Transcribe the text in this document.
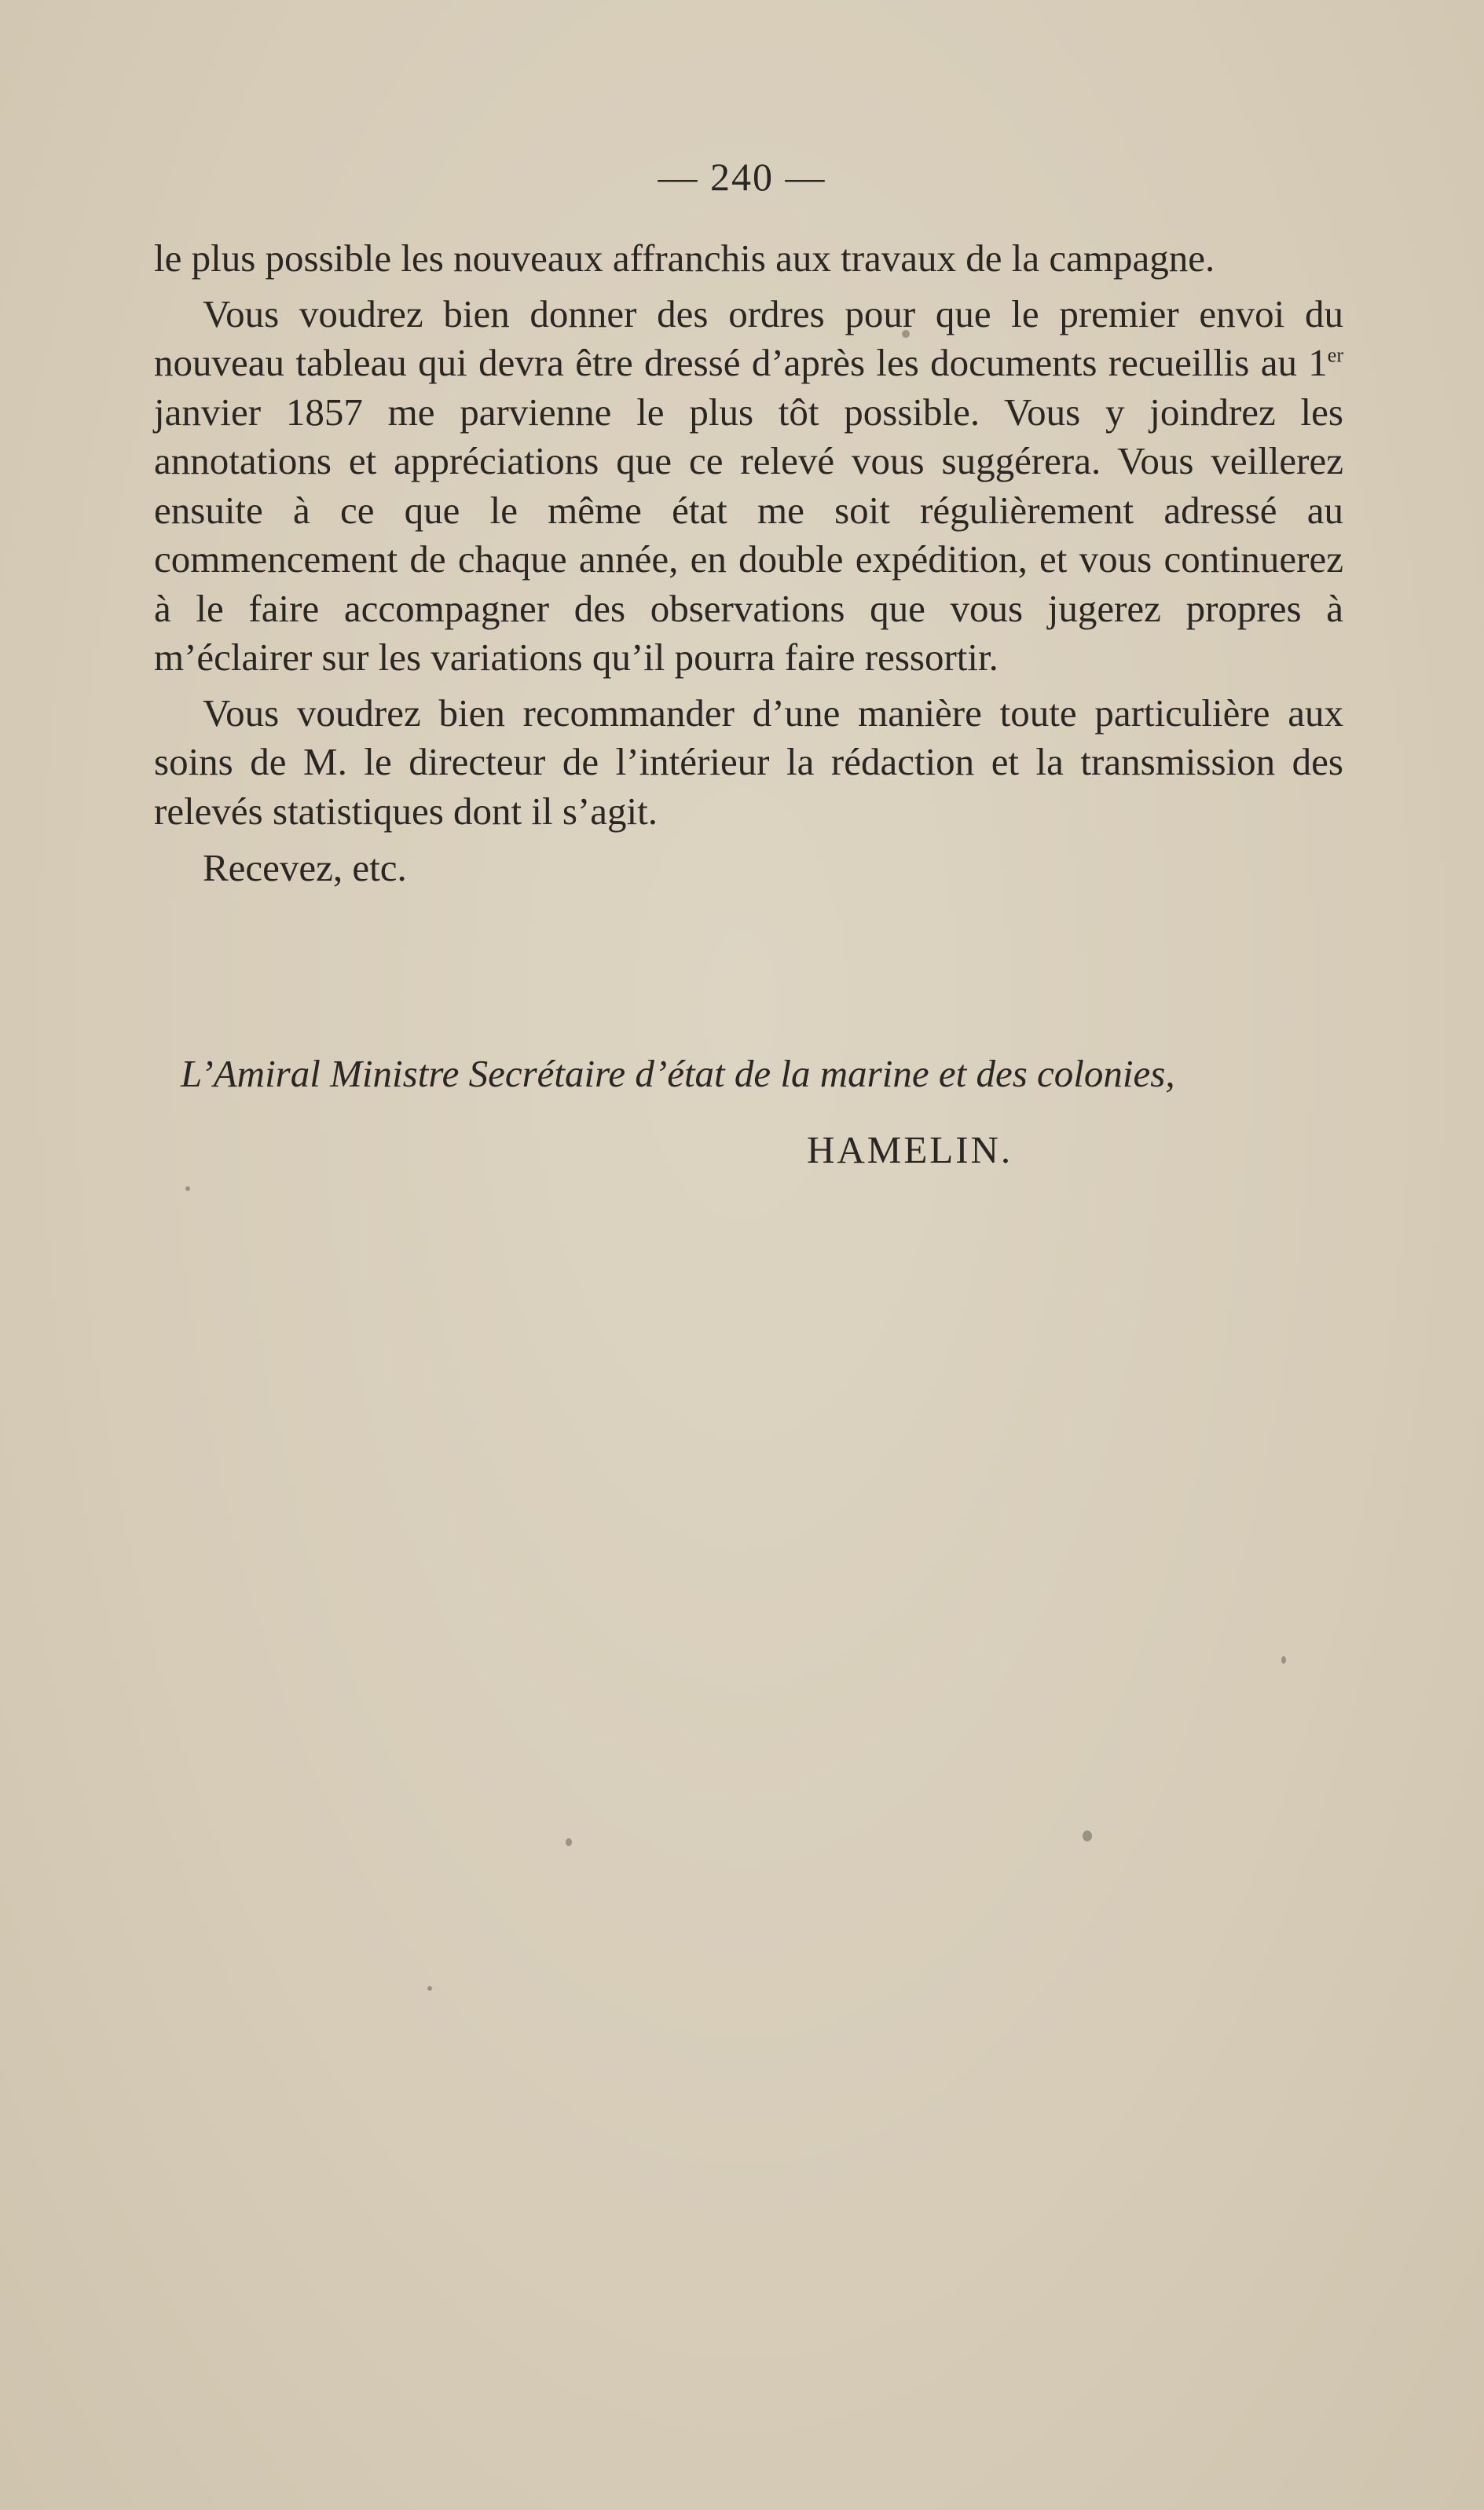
— 240 —

le plus possible les nouveaux affranchis aux travaux de la campagne.

Vous voudrez bien donner des ordres pour que le premier envoi du nouveau tableau qui devra être dressé d’après les documents recueillis au 1er janvier 1857 me parvienne le plus tôt possible. Vous y joindrez les annotations et appréciations que ce relevé vous suggérera. Vous veillerez ensuite à ce que le même état me soit régulièrement adressé au commencement de chaque année, en double expédition, et vous continuerez à le faire accompagner des observations que vous jugerez propres à m’éclairer sur les variations qu’il pourra faire ressortir.

Vous voudrez bien recommander d’une manière toute particulière aux soins de M. le directeur de l’intérieur la rédaction et la transmission des relevés statistiques dont il s’agit.

Recevez, etc.

L’Amiral Ministre Secrétaire d’état de la marine et des colonies,
HAMELIN.
